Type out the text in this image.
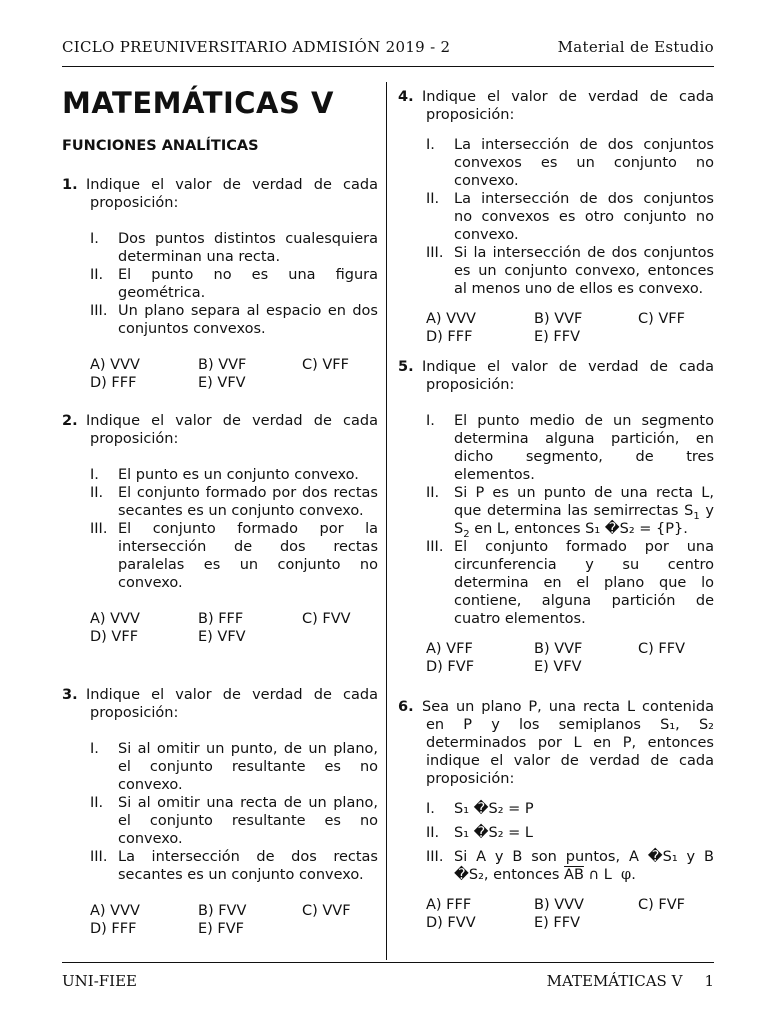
CICLO PREUNIVERSITARIO ADMISIÓN 2019 - 2	Material de Estudio
MATEMÁTICAS V
FUNCIONES ANALÍTICAS
1. Indique el valor de verdad de cada proposición:
I. Dos puntos distintos cualesquiera determinan una recta.
II. El punto no es una figura geométrica.
III. Un plano separa al espacio en dos conjuntos convexos.
A) VVV	B) VVF	C) VFF
D) FFF	E) VFV
2. Indique el valor de verdad de cada proposición:
I. El punto es un conjunto convexo.
II. El conjunto formado por dos rectas secantes es un conjunto convexo.
III. El conjunto formado por la intersección de dos rectas paralelas es un conjunto no convexo.
A) VVV	B) FFF	C) FVV
D) VFF	E) VFV
3. Indique el valor de verdad de cada proposición:
I. Si al omitir un punto, de un plano, el conjunto resultante es no convexo.
II. Si al omitir una recta de un plano, el conjunto resultante es no convexo.
III. La intersección de dos rectas secantes es un conjunto convexo.
A) VVV	B) FVV	C) VVF
D) FFF	E) FVF
4. Indique el valor de verdad de cada proposición:
I. La intersección de dos conjuntos convexos es un conjunto no convexo.
II. La intersección de dos conjuntos no convexos es otro conjunto no convexo.
III. Si la intersección de dos conjuntos es un conjunto convexo, entonces al menos uno de ellos es convexo.
A) VVV	B) VVF	C) VFF
D) FFF	E) FFV
5. Indique el valor de verdad de cada proposición:
I. El punto medio de un segmento determina alguna partición, en dicho segmento, de tres elementos.
II. Si P es un punto de una recta L, que determina las semirrectas $S_1$ y $S_2$ en L, entonces S₁ �S₂ = {P}.
III. El conjunto formado por una circunferencia y su centro determina en el plano que lo contiene, alguna partición de cuatro elementos.
A) VFF	B) VVF	C) FFV
D) FVF	E) VFV
6. Sea un plano P, una recta L contenida en P y los semiplanos S₁, S₂ determinados por L en P, entonces indique el valor de verdad de cada proposición:
I. S₁ �S₂ = P
II. S₁ �S₂ = L
III. Si A y B son puntos, A �S₁ y B �S₂, entonces $\overline{AB}$ ∩ L φ.
A) FFF	B) VVV	C) FVF
D) FVV	E) FFV
UNI-FIEE	MATEMÁTICAS V 1
